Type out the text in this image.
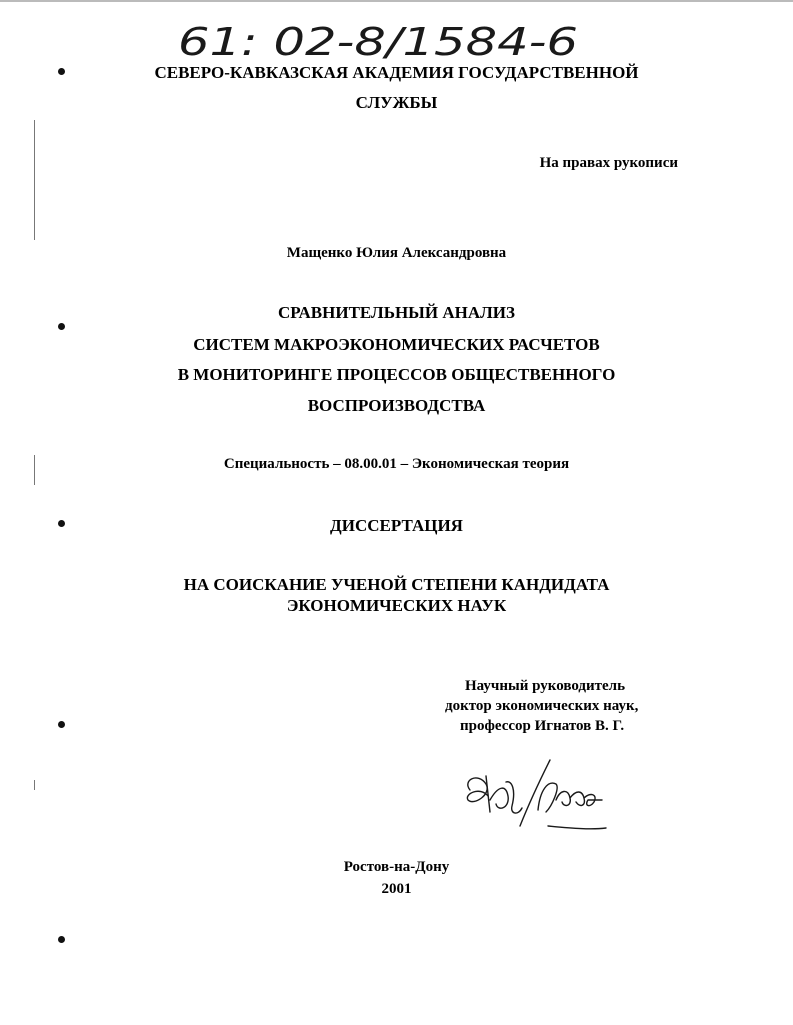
61: 02-8/1584-6
СЕВЕРО-КАВКАЗСКАЯ АКАДЕМИЯ ГОСУДАРСТВЕННОЙ
СЛУЖБЫ
На правах рукописи
Мащенко Юлия Александровна
СРАВНИТЕЛЬНЫЙ АНАЛИЗ
СИСТЕМ МАКРОЭКОНОМИЧЕСКИХ РАСЧЕТОВ
В МОНИТОРИНГЕ ПРОЦЕССОВ ОБЩЕСТВЕННОГО
ВОСПРОИЗВОДСТВА
Специальность – 08.00.01 – Экономическая теория
ДИССЕРТАЦИЯ
НА СОИСКАНИЕ УЧЕНОЙ СТЕПЕНИ КАНДИДАТА
ЭКОНОМИЧЕСКИХ НАУК
Научный руководитель
доктор экономических наук,
профессор Игнатов В. Г.
Ростов-на-Дону
2001
